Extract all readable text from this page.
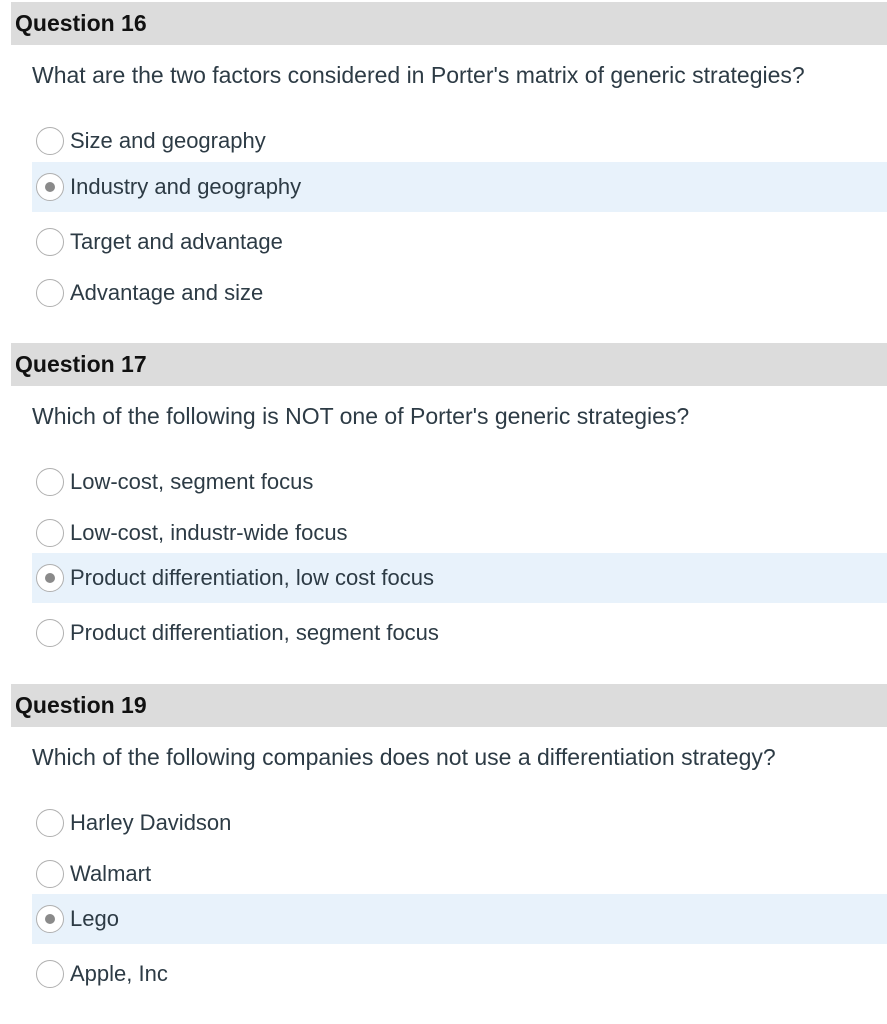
Question 16
What are the two factors considered in Porter's matrix of generic strategies?
Size and geography
Industry and geography
Target and advantage
Advantage and size
Question 17
Which of the following is NOT one of Porter's generic strategies?
Low-cost, segment focus
Low-cost, industr-wide focus
Product differentiation, low cost focus
Product differentiation, segment focus
Question 19
Which of the following companies does not use a differentiation strategy?
Harley Davidson
Walmart
Lego
Apple, Inc
